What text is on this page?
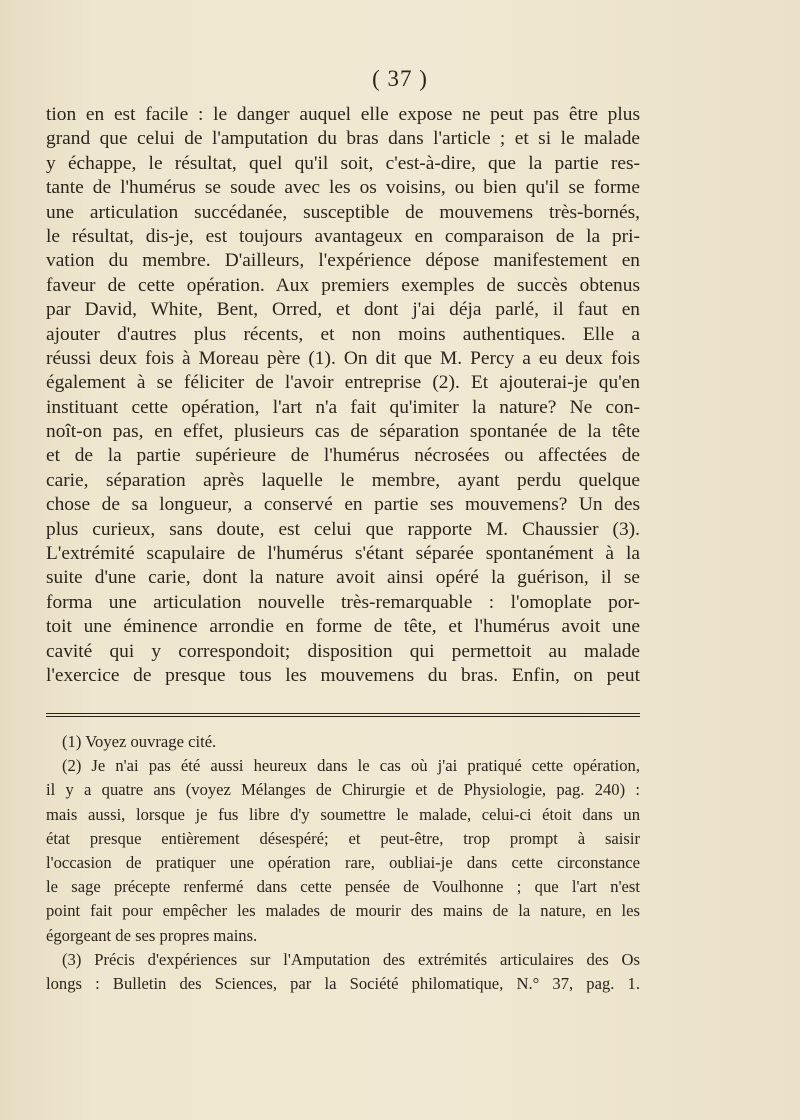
( 37 )
tion en est facile : le danger auquel elle expose ne peut pas être plus
grand que celui de l'amputation du bras dans l'article ; et si le malade
y échappe, le résultat, quel qu'il soit, c'est-à-dire, que la partie res-
tante de l'humérus se soude avec les os voisins, ou bien qu'il se forme
une articulation succédanée, susceptible de mouvemens très-bornés,
le résultat, dis-je, est toujours avantageux en comparaison de la pri-
vation du membre. D'ailleurs, l'expérience dépose manifestement en
faveur de cette opération. Aux premiers exemples de succès obtenus
par David, White, Bent, Orred, et dont j'ai déja parlé, il faut en
ajouter d'autres plus récents, et non moins authentiques. Elle a
réussi deux fois à Moreau père (1). On dit que M. Percy a eu deux fois
également à se féliciter de l'avoir entreprise (2). Et ajouterai-je qu'en
instituant cette opération, l'art n'a fait qu'imiter la nature? Ne con-
noît-on pas, en effet, plusieurs cas de séparation spontanée de la tête
et de la partie supérieure de l'humérus nécrosées ou affectées de
carie, séparation après laquelle le membre, ayant perdu quelque
chose de sa longueur, a conservé en partie ses mouvemens? Un des
plus curieux, sans doute, est celui que rapporte M. Chaussier (3).
L'extrémité scapulaire de l'humérus s'étant séparée spontanément à la
suite d'une carie, dont la nature avoit ainsi opéré la guérison, il se
forma une articulation nouvelle très-remarquable : l'omoplate por-
toit une éminence arrondie en forme de tête, et l'humérus avoit une
cavité qui y correspondoit; disposition qui permettoit au malade
l'exercice de presque tous les mouvemens du bras. Enfin, on peut
(1) Voyez ouvrage cité.
(2) Je n'ai pas été aussi heureux dans le cas où j'ai pratiqué cette opération,
il y a quatre ans (voyez Mélanges de Chirurgie et de Physiologie, pag. 240) :
mais aussi, lorsque je fus libre d'y soumettre le malade, celui-ci étoit dans un
état presque entièrement désespéré; et peut-être, trop prompt à saisir
l'occasion de pratiquer une opération rare, oubliai-je dans cette circonstance
le sage précepte renfermé dans cette pensée de Voulhonne ; que l'art n'est
point fait pour empêcher les malades de mourir des mains de la nature, en les
égorgeant de ses propres mains.
(3) Précis d'expériences sur l'Amputation des extrémités articulaires des Os
longs : Bulletin des Sciences, par la Société philomatique, N.° 37, pag. 1.
